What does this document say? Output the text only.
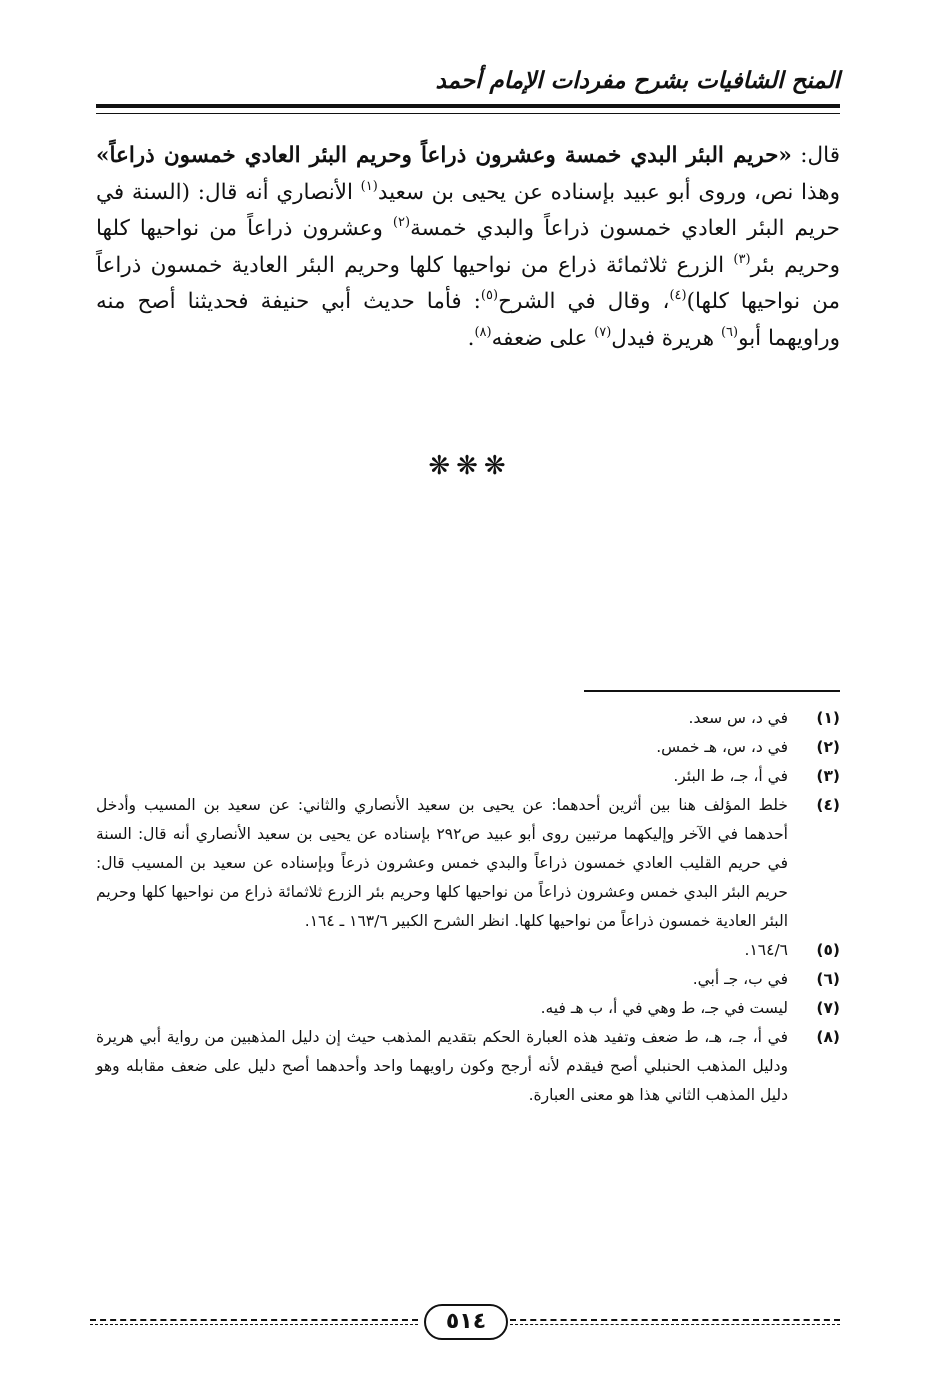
المنح الشافيات بشرح مفردات الإمام أحمد

قال: «حريم البئر البدي خمسة وعشرون ذراعاً وحريم البئر العادي خمسون ذراعاً» وهذا نص، وروى أبو عبيد بإسناده عن يحيى بن سعيد$^{(١)}$ الأنصاري أنه قال: (السنة في حريم البئر العادي خمسون ذراعاً والبدي خمسة$^{(٢)}$ وعشرون ذراعاً من نواحيها كلها وحريم بئر$^{(٣)}$ الزرع ثلاثمائة ذراع من نواحيها كلها وحريم البئر العادية خمسون ذراعاً من نواحيها كلها)$^{(٤)}$، وقال في الشرح$^{(٥)}$: فأما حديث أبي حنيفة فحديثنا أصح منه وراويهما أبو$^{(٦)}$ هريرة فيدل$^{(٧)}$ على ضعفه$^{(٨)}$.

❋❋❋
(١)
في د، س سعد.
(٢)
في د، س، هـ خمس.
(٣)
في أ، جـ، ط البئر.
(٤)
خلط المؤلف هنا بين أثرين أحدهما: عن يحيى بن سعيد الأنصاري والثاني: عن سعيد بن المسيب وأدخل أحدهما في الآخر وإليكهما مرتبين روى أبو عبيد ص٢٩٢ بإسناده عن يحيى بن سعيد الأنصاري أنه قال: السنة في حريم القليب العادي خمسون ذراعاً والبدي خمس وعشرون ذرعاً وبإسناده عن سعيد بن المسيب قال: حريم البئر البدي خمس وعشرون ذراعاً من نواحيها كلها وحريم بئر الزرع ثلاثمائة ذراع من نواحيها كلها وحريم البئر العادية خمسون ذراعاً من نواحيها كلها. انظر الشرح الكبير ١٦٣/٦ ـ ١٦٤.
(٥)
١٦٤/٦.
(٦)
في ب، جـ أبي.
(٧)
ليست في جـ، ط وهي في أ، ب هـ فيه.
(٨)
في أ، جـ، هـ، ط ضعف وتفيد هذه العبارة الحكم بتقديم المذهب حيث إن دليل المذهبين من رواية أبي هريرة ودليل المذهب الحنبلي أصح فيقدم لأنه أرجح وكون راويهما واحد وأحدهما أصح دليل على ضعف مقابله وهو دليل المذهب الثاني هذا هو معنى العبارة.
٥١٤
